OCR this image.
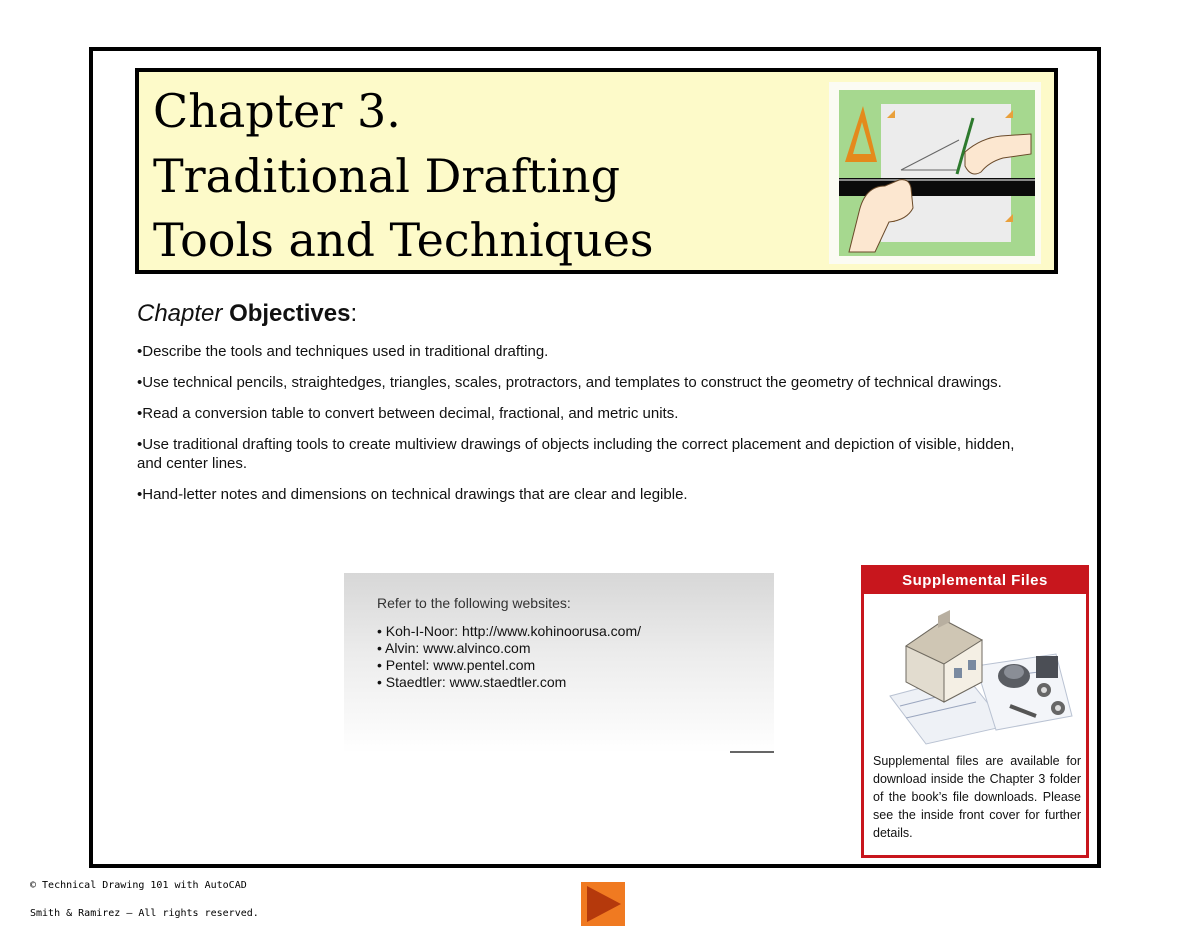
Chapter 3.
Traditional Drafting
Tools and Techniques

Chapter Objectives:

•Describe the tools and techniques used in traditional drafting.

•Use technical pencils, straightedges, triangles, scales, protractors, and templates to construct the geometry of technical drawings.

•Read a conversion table to convert between decimal, fractional, and metric units.

•Use traditional drafting tools to create multiview drawings of objects including the correct placement and depiction of visible, hidden, and center lines.

•Hand-letter notes and dimensions on technical drawings that are clear and legible.

Refer to the following websites:
• Koh-I-Noor: http://www.kohinoorusa.com/
• Alvin: www.alvinco.com
• Pentel: www.pentel.com
• Staedtler: www.staedtler.com
Supplemental Files
Supplemental files are available for download inside the Chapter 3 folder of the book’s file downloads. Please see the inside front cover for further details.
© Technical Drawing 101 with AutoCAD
Smith & Ramirez — All rights reserved.
